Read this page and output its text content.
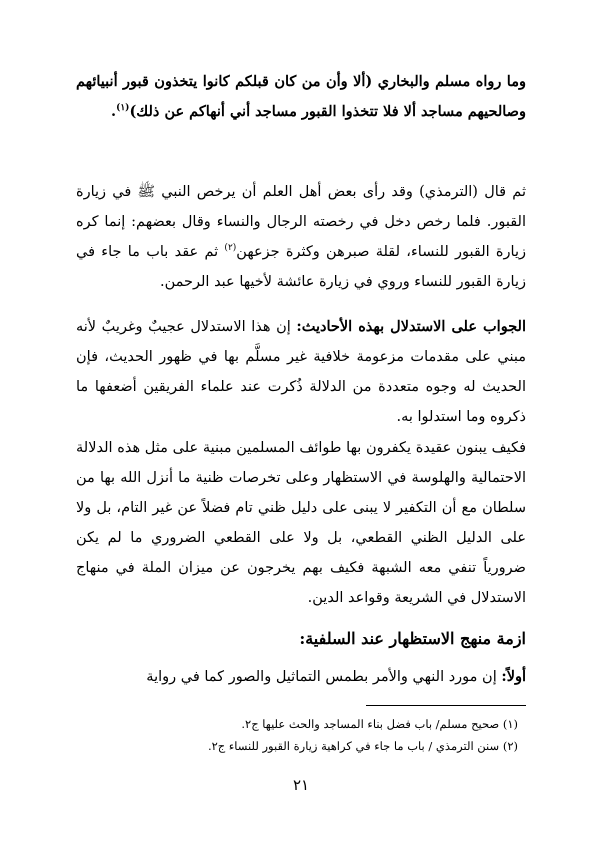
وما رواه مسلم والبخاري (ألا وأن من كان قبلكم كانوا يتخذون قبور أنبيائهم وصالحيهم مساجد ألا فلا تتخذوا القبور مساجد أني أنهاكم عن ذلك)$^{(١)}$.

ثم قال (الترمذي) وقد رأى بعض أهل العلم أن يرخص النبي ﷺ في زيارة القبور. فلما رخص دخل في رخصته الرجال والنساء وقال بعضهم: إنما كره زيارة القبور للنساء، لقلة صبرهن وكثرة جزعهن$^{(٢)}$ ثم عقد باب ما جاء في زيارة القبور للنساء وروي في زيارة عائشة لأخيها عبد الرحمن.

الجواب على الاستدلال بهذه الأحاديث: إن هذا الاستدلال عجيبٌ وغريبٌ لأنه مبني على مقدمات مزعومة خلافية غير مسلَّم بها في ظهور الحديث، فإن الحديث له وجوه متعددة من الدلالة ذُكرت عند علماء الفريقين أضعفها ما ذكروه وما استدلوا به.

فكيف يبنون عقيدة يكفرون بها طوائف المسلمين مبنية على مثل هذه الدلالة الاحتمالية والهلوسة في الاستظهار وعلى تخرصات ظنية ما أنزل الله بها من سلطان مع أن التكفير لا يبنى على دليل ظني تام فضلاً عن غير التام، بل ولا على الدليل الظني القطعي، بل ولا على القطعي الضروري ما لم يكن ضرورياً تنفي معه الشبهة فكيف بهم يخرجون عن ميزان الملة في منهاج الاستدلال في الشريعة وقواعد الدين.

ازمة منهج الاستظهار عند السلفية:

أولاً: إن مورد النهي والأمر بطمس التماثيل والصور كما في رواية

(١) صحيح مسلم/ باب فضل بناء المساجد والحث عليها ج٢.
(٢) سنن الترمذي / باب ما جاء في كراهية زيارة القبور للنساء ج٢.
٢١
